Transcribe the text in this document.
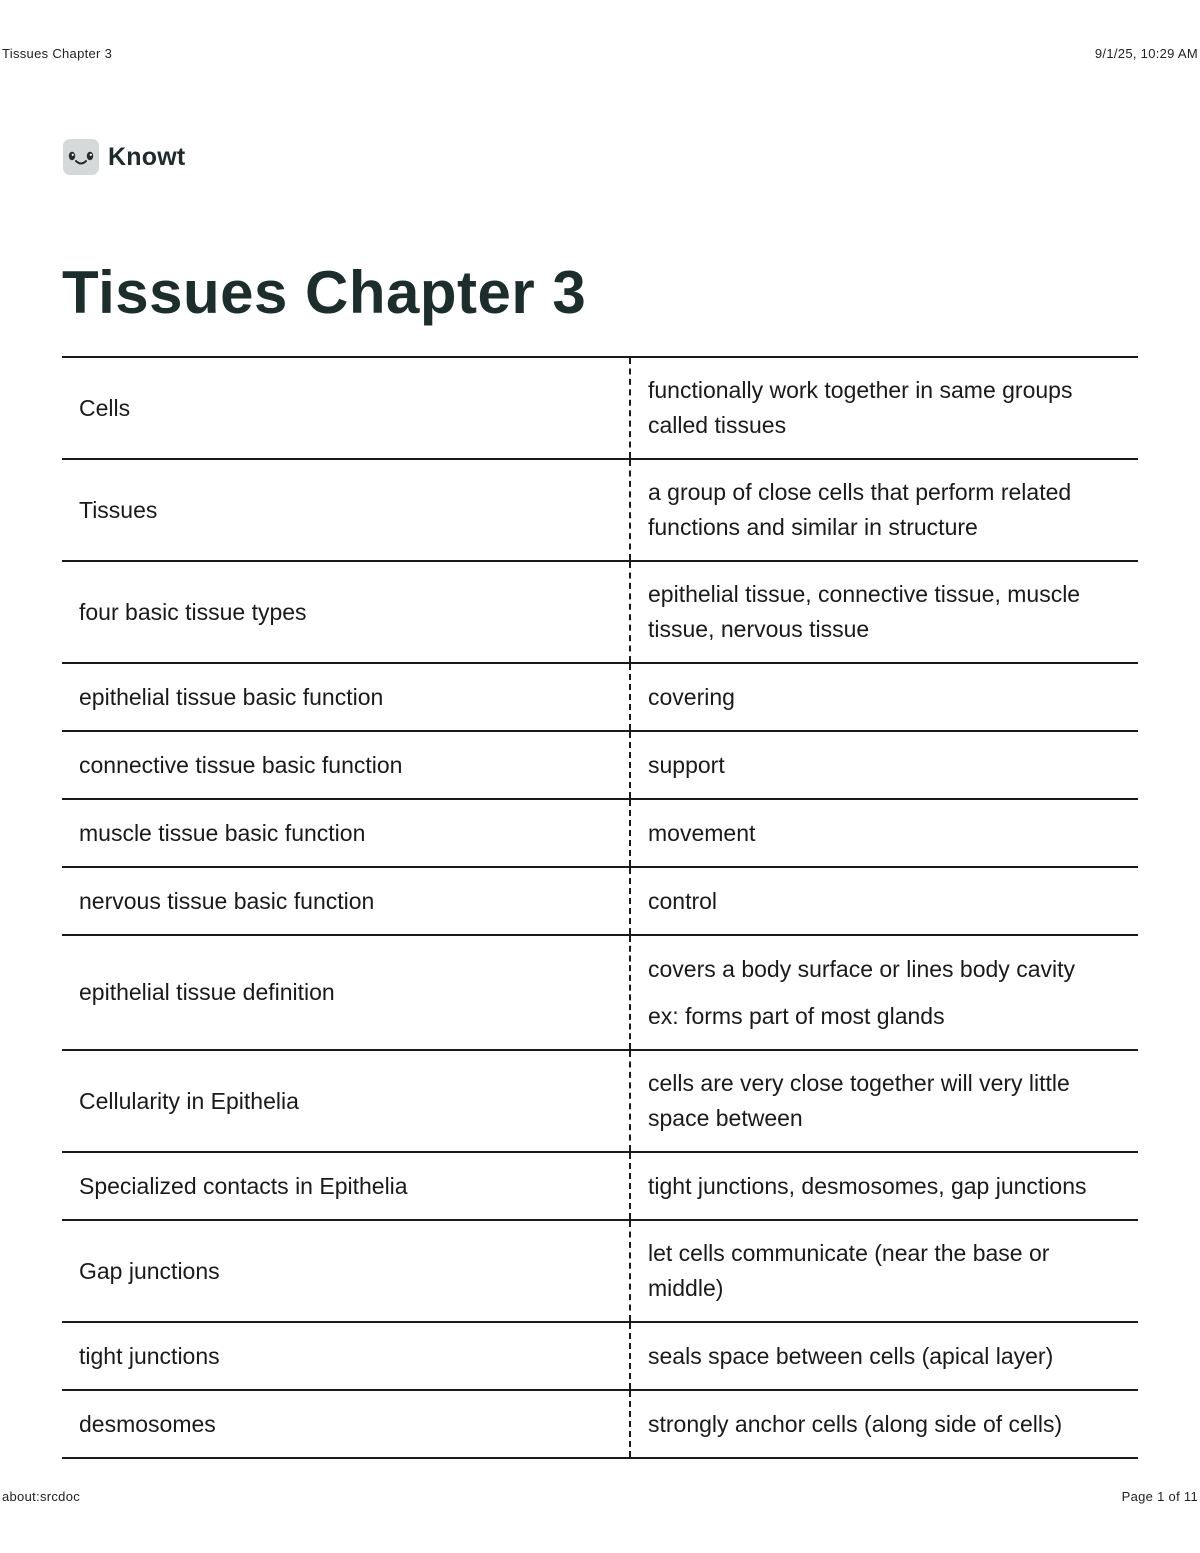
Tissues Chapter 3	9/1/25, 10:29 AM
Knowt
Tissues Chapter 3
Cells	functionally work together in same groups called tissues

Tissues	a group of close cells that perform related functions and similar in structure

four basic tissue types	epithelial tissue, connective tissue, muscle tissue, nervous tissue

epithelial tissue basic function	covering

connective tissue basic function	support

muscle tissue basic function	movement

nervous tissue basic function	control

epithelial tissue definition	covers a body surface or lines body cavity
ex: forms part of most glands

Cellularity in Epithelia	cells are very close together will very little space between

Specialized contacts in Epithelia	tight junctions, desmosomes, gap junctions

Gap junctions	let cells communicate (near the base or middle)

tight junctions	seals space between cells (apical layer)

desmosomes	strongly anchor cells (along side of cells)
about:srcdoc	Page 1 of 11
